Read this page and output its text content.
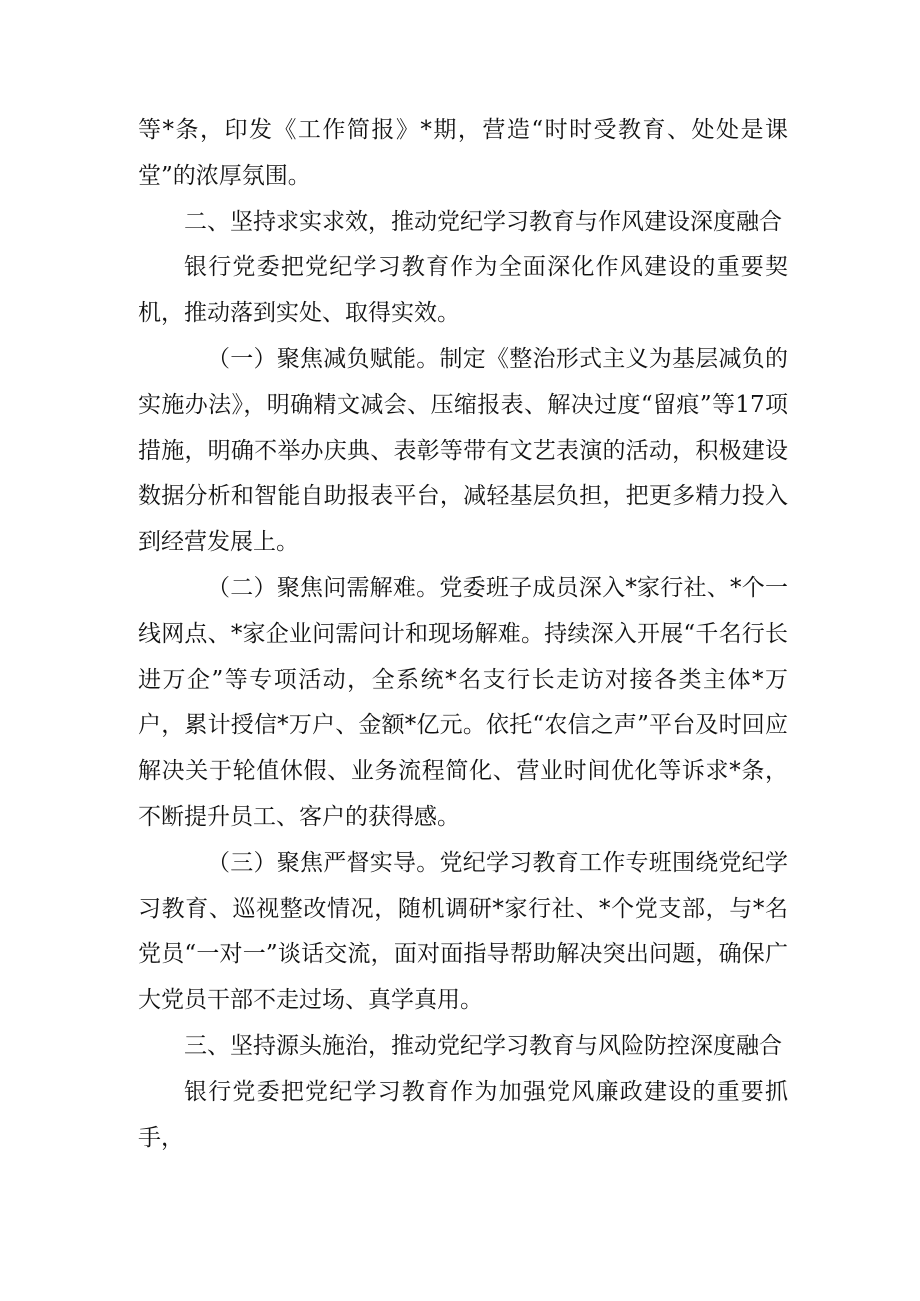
等*条，印发《工作简报》*期，营造“时时受教育、处处是课堂”的浓厚氛围。

二、坚持求实求效，推动党纪学习教育与作风建设深度融合

银行党委把党纪学习教育作为全面深化作风建设的重要契机，推动落到实处、取得实效。

（一）聚焦减负赋能。制定《整治形式主义为基层减负的实施办法》，明确精文减会、压缩报表、解决过度“留痕”等17项措施，明确不举办庆典、表彰等带有文艺表演的活动，积极建设数据分析和智能自助报表平台，减轻基层负担，把更多精力投入到经营发展上。

（二）聚焦问需解难。党委班子成员深入*家行社、*个一线网点、*家企业问需问计和现场解难。持续深入开展“千名行长进万企”等专项活动，全系统*名支行长走访对接各类主体*万户，累计授信*万户、金额*亿元。依托“农信之声”平台及时回应解决关于轮值休假、业务流程简化、营业时间优化等诉求*条，不断提升员工、客户的获得感。

（三）聚焦严督实导。党纪学习教育工作专班围绕党纪学习教育、巡视整改情况，随机调研*家行社、*个党支部，与*名党员“一对一”谈话交流，面对面指导帮助解决突出问题，确保广大党员干部不走过场、真学真用。

三、坚持源头施治，推动党纪学习教育与风险防控深度融合

银行党委把党纪学习教育作为加强党风廉政建设的重要抓手，
